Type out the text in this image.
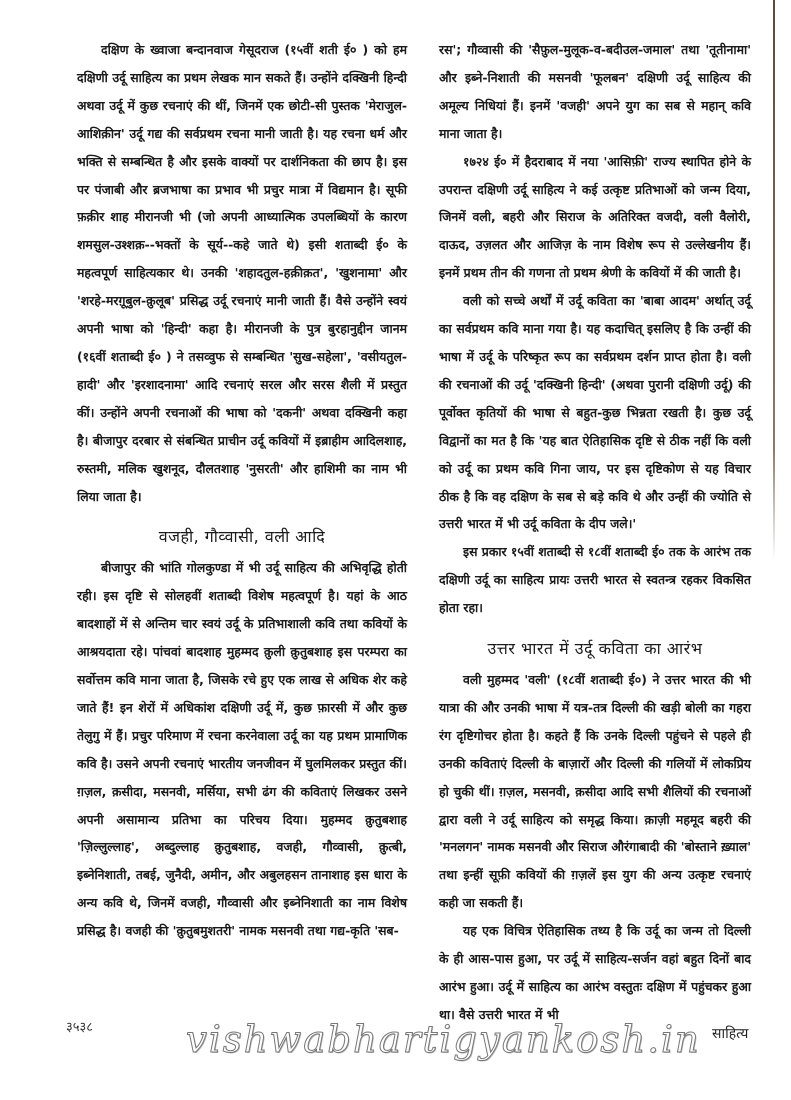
दक्षिण के ख्वाजा बन्दानवाज गेसूदराज (१५वीं शती ई० ) को हम दक्षिणी उर्दू साहित्य का प्रथम लेखक मान सकते हैं। उन्होंने दक्खिनी हिन्दी अथवा उर्दू में कुछ रचनाएं की थीं, जिनमें एक छोटी-सी पुस्तक 'मेराजुल-आशिक़ीन' उर्दू गद्य की सर्वप्रथम रचना मानी जाती है। यह रचना धर्म और भक्ति से सम्बन्धित है और इसके वाक्यों पर दार्शनिकता की छाप है। इस पर पंजाबी और ब्रजभाषा का प्रभाव भी प्रचुर मात्रा में विद्यमान है। सूफी फ़क़ीर शाह मीरानजी भी (जो अपनी आध्यात्मिक उपलब्धियों के कारण शमसुल-उश्शक़--भक्तों के सूर्य--कहे जाते थे) इसी शताब्दी ई० के महत्वपूर्ण साहित्यकार थे। उनकी 'शहादतुल-हक़ीक़त', 'खुशनामा' और 'शरहे-मरग़ूबुल-क़ुलूब' प्रसिद्ध उर्दू रचनाएं मानी जाती हैं। वैसे उन्होंने स्वयं अपनी भाषा को 'हिन्दी' कहा है। मीरानजी के पुत्र बुरहानुद्दीन जानम (१६वीं शताब्दी ई० ) ने तसव्वुफ से सम्बन्धित 'सुख-सहेला', 'वसीयतुल-हादी' और 'इरशादनामा' आदि रचनाएं सरल और सरस शैली में प्रस्तुत कीं। उन्होंने अपनी रचनाओं की भाषा को 'दकनी' अथवा दक्खिनी कहा है। बीजापुर दरबार से संबन्धित प्राचीन उर्दू कवियों में इब्राहीम आदिलशाह, रुस्तमी, मलिक खुशनूद, दौलतशाह 'नुसरती' और हाशिमी का नाम भी लिया जाता है।

वजही, गौव्वासी, वली आदि

बीजापुर की भांति गोलकुण्डा में भी उर्दू साहित्य की अभिवृद्धि होती रही। इस दृष्टि से सोलहवीं शताब्दी विशेष महत्वपूर्ण है। यहां के आठ बादशाहों में से अन्तिम चार स्वयं उर्दू के प्रतिभाशाली कवि तथा कवियों के आश्रयदाता रहे। पांचवां बादशाह मुहम्मद क़ुली क़ुतुबशाह इस परम्परा का सर्वोत्तम कवि माना जाता है, जिसके रचे हुए एक लाख से अधिक शेर कहे जाते हैं! इन शेरों में अधिकांश दक्षिणी उर्दू में, कुछ फ़ारसी में और कुछ तेलुगु में हैं। प्रचुर परिमाण में रचना करनेवाला उर्दू का यह प्रथम प्रामाणिक कवि है। उसने अपनी रचनाएं भारतीय जनजीवन में घुलमिलकर प्रस्तुत कीं। ग़ज़ल, क़सीदा, मसनवी, मर्सिया, सभी ढंग की कविताएं लिखकर उसने अपनी असामान्य प्रतिभा का परिचय दिया। मुहम्मद क़ुतुबशाह 'ज़िल्लुल्लाह', अब्दुल्लाह क़ुतुबशाह, वजही, गौव्वासी, क़ुत्बी, इब्नेनिशाती, तबई, जुनैदी, अमीन, और अबुलहसन तानाशाह इस धारा के अन्य कवि थे, जिनमें वजही, गौव्वासी और इब्नेनिशाती का नाम विशेष प्रसिद्ध है। वजही की 'क़ुतुबमुशतरी' नामक मसनवी तथा गद्य-कृति 'सब-

रस'; गौव्वासी की 'सैफ़ुल-मुलूक-व-बदीउल-जमाल' तथा 'तूतीनामा' और इब्ने-निशाती की मसनवी 'फूलबन' दक्षिणी उर्दू साहित्य की अमूल्य निधियां हैं। इनमें 'वजही' अपने युग का सब से महान् कवि माना जाता है।

१७२४ ई० में हैदराबाद में नया 'आसिफ़ी' राज्य स्थापित होने के उपरान्त दक्षिणी उर्दू साहित्य ने कई उत्कृष्ट प्रतिभाओं को जन्म दिया, जिनमें वली, बहरी और सिराज के अतिरिक्त वजदी, वली वैलोरी, दाऊद, उज़लत और आजिज़ के नाम विशेष रूप से उल्लेखनीय हैं। इनमें प्रथम तीन की गणना तो प्रथम श्रेणी के कवियों में की जाती है।

वली को सच्चे अर्थों में उर्दू कविता का 'बाबा आदम' अर्थात् उर्दू का सर्वप्रथम कवि माना गया है। यह कदाचित् इसलिए है कि उन्हीं की भाषा में उर्दू के परिष्कृत रूप का सर्वप्रथम दर्शन प्राप्त होता है। वली की रचनाओं की उर्दू 'दक्खिनी हिन्दी' (अथवा पुरानी दक्षिणी उर्दू) की पूर्वोक्त कृतियों की भाषा से बहुत-कुछ भिन्नता रखती है। कुछ उर्दू विद्वानों का मत है कि 'यह बात ऐतिहासिक दृष्टि से ठीक नहीं कि वली को उर्दू का प्रथम कवि गिना जाय, पर इस दृष्टिकोण से यह विचार ठीक है कि वह दक्षिण के सब से बड़े कवि थे और उन्हीं की ज्योति से उत्तरी भारत में भी उर्दू कविता के दीप जले।'

इस प्रकार १५वीं शताब्दी से १८वीं शताब्दी ई० तक के आरंभ तक दक्षिणी उर्दू का साहित्य प्रायः उत्तरी भारत से स्वतन्त्र रहकर विकसित होता रहा।

उत्तर भारत में उर्दू कविता का आरंभ

वली मुहम्मद 'वली' (१८वीं शताब्दी ई०) ने उत्तर भारत की भी यात्रा की और उनकी भाषा में यत्र-तत्र दिल्ली की खड़ी बोली का गहरा रंग दृष्टिगोचर होता है। कहते हैं कि उनके दिल्ली पहुंचने से पहले ही उनकी कविताएं दिल्ली के बाज़ारों और दिल्ली की गलियों में लोकप्रिय हो चुकी थीं। ग़ज़ल, मसनवी, क़सीदा आदि सभी शैलियों की रचनाओं द्वारा वली ने उर्दू साहित्य को समृद्ध किया। क़ाज़ी महमूद बहरी की 'मनलगन' नामक मसनवी और सिराज औरंगाबादी की 'बोस्ताने ख़्याल' तथा इन्हीं सूफ़ी कवियों की ग़ज़लें इस युग की अन्य उत्कृष्ट रचनाएं कही जा सकती हैं।

यह एक विचित्र ऐतिहासिक तथ्य है कि उर्दू का जन्म तो दिल्ली के ही आस-पास हुआ, पर उर्दू में साहित्य-सर्जन वहां बहुत दिनों बाद आरंभ हुआ। उर्दू में साहित्य का आरंभ वस्तुतः दक्षिण में पहुंचकर हुआ था। वैसे उत्तरी भारत में भी

३५३८	vishwabhartigyankosh.in साहित्य
